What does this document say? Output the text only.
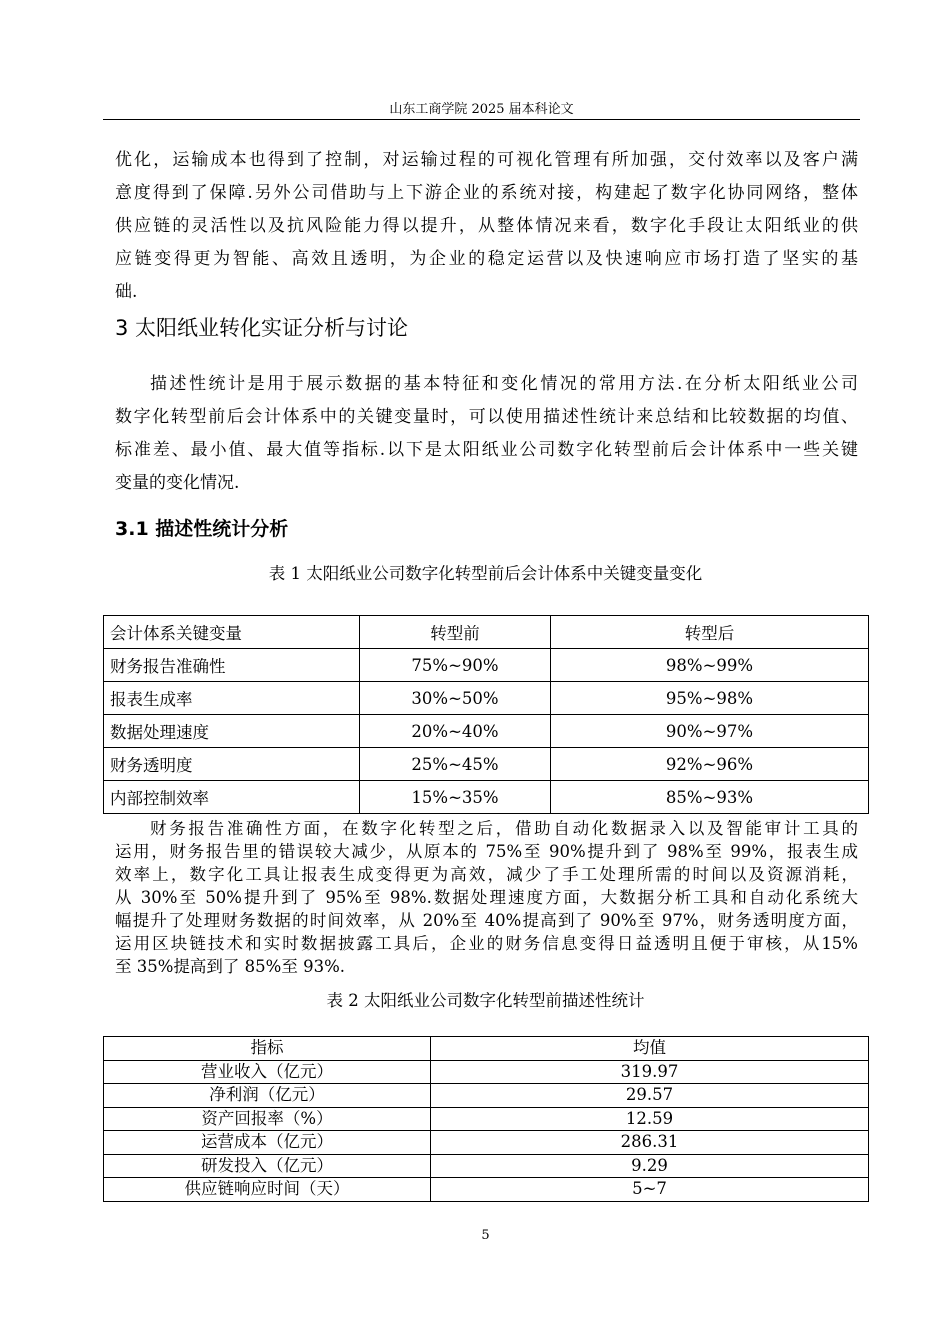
山东工商学院 2025 届本科论文
优化，运输成本也得到了控制，对运输过程的可视化管理有所加强，交付效率以及客户满
意度得到了保障.另外公司借助与上下游企业的系统对接，构建起了数字化协同网络，整体
供应链的灵活性以及抗风险能力得以提升，从整体情况来看，数字化手段让太阳纸业的供
应链变得更为智能、高效且透明，为企业的稳定运营以及快速响应市场打造了坚实的基
础.
3 太阳纸业转化实证分析与讨论
描述性统计是用于展示数据的基本特征和变化情况的常用方法.在分析太阳纸业公司
数字化转型前后会计体系中的关键变量时，可以使用描述性统计来总结和比较数据的均值、
标准差、最小值、最大值等指标.以下是太阳纸业公司数字化转型前后会计体系中一些关键
变量的变化情况.
3.1 描述性统计分析
表 1 太阳纸业公司数字化转型前后会计体系中关键变量变化
会计体系关键变量	转型前	转型后
财务报告准确性	75%~90%	98%~99%
报表生成率	30%~50%	95%~98%
数据处理速度	20%~40%	90%~97%
财务透明度	25%~45%	92%~96%
内部控制效率	15%~35%	85%~93%
财务报告准确性方面，在数字化转型之后，借助自动化数据录入以及智能审计工具的
运用，财务报告里的错误较大减少，从原本的 75%至 90%提升到了 98%至 99%，报表生成
效率上，数字化工具让报表生成变得更为高效，减少了手工处理所需的时间以及资源消耗，
从 30%至 50%提升到了 95%至 98%.数据处理速度方面，大数据分析工具和自动化系统大
幅提升了处理财务数据的时间效率，从 20%至 40%提高到了 90%至 97%，财务透明度方面，
运用区块链技术和实时数据披露工具后，企业的财务信息变得日益透明且便于审核，从15%
至 35%提高到了 85%至 93%.
表 2 太阳纸业公司数字化转型前描述性统计
指标	均值
营业收入（亿元）	319.97
净利润（亿元）	29.57
资产回报率（%）	12.59
运营成本（亿元）	286.31
研发投入（亿元）	9.29
供应链响应时间（天）	5~7
5
